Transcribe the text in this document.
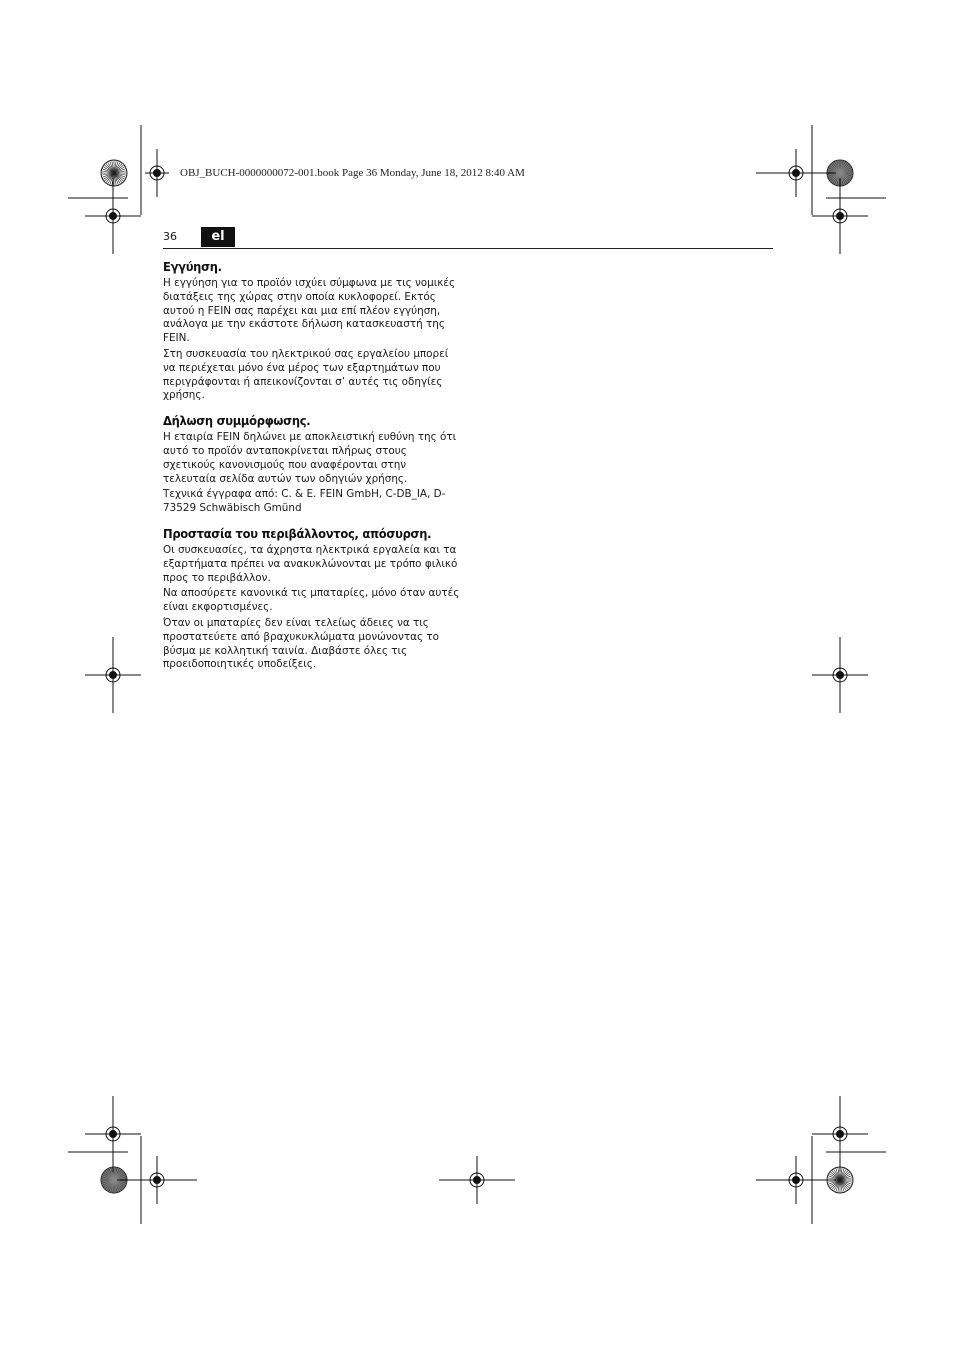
OBJ_BUCH-0000000072-001.book Page 36 Monday, June 18, 2012 8:40 AM
36	el
Εγγύηση.

Η εγγύηση για το προϊόν ισχύει σύμφωνα με τις νομικές διατάξεις της χώρας στην οποία κυκλοφορεί. Εκτός αυτού η FEIN σας παρέχει και μια επί πλέον εγγύηση, ανάλογα με την εκάστοτε δήλωση κατασκευαστή της FEIN.

Στη συσκευασία του ηλεκτρικού σας εργαλείου μπορεί να περιέχεται μόνο ένα μέρος των εξαρτημάτων που περιγράφονται ή απεικονίζονται σ’ αυτές τις οδηγίες χρήσης.

Δήλωση συμμόρφωσης.

Η εταιρία FEIN δηλώνει με αποκλειστική ευθύνη της ότι αυτό το προϊόν ανταποκρίνεται πλήρως στους σχετικούς κανονισμούς που αναφέρονται στην τελευταία σελίδα αυτών των οδηγιών χρήσης.

Τεχνικά έγγραφα από: C. & E. FEIN GmbH, C-DB_IA, D-73529 Schwäbisch Gmünd

Προστασία του περιβάλλοντος, απόσυρση.

Οι συσκευασίες, τα άχρηστα ηλεκτρικά εργαλεία και τα εξαρτήματα πρέπει να ανακυκλώνονται με τρόπο φιλικό προς το περιβάλλον.

Να αποσύρετε κανονικά τις μπαταρίες, μόνο όταν αυτές είναι εκφορτισμένες.

Όταν οι μπαταρίες δεν είναι τελείως άδειες να τις προστατεύετε από βραχυκυκλώματα μονώνοντας το βύσμα με κολλητική ταινία. Διαβάστε όλες τις προειδοποιητικές υποδείξεις.
